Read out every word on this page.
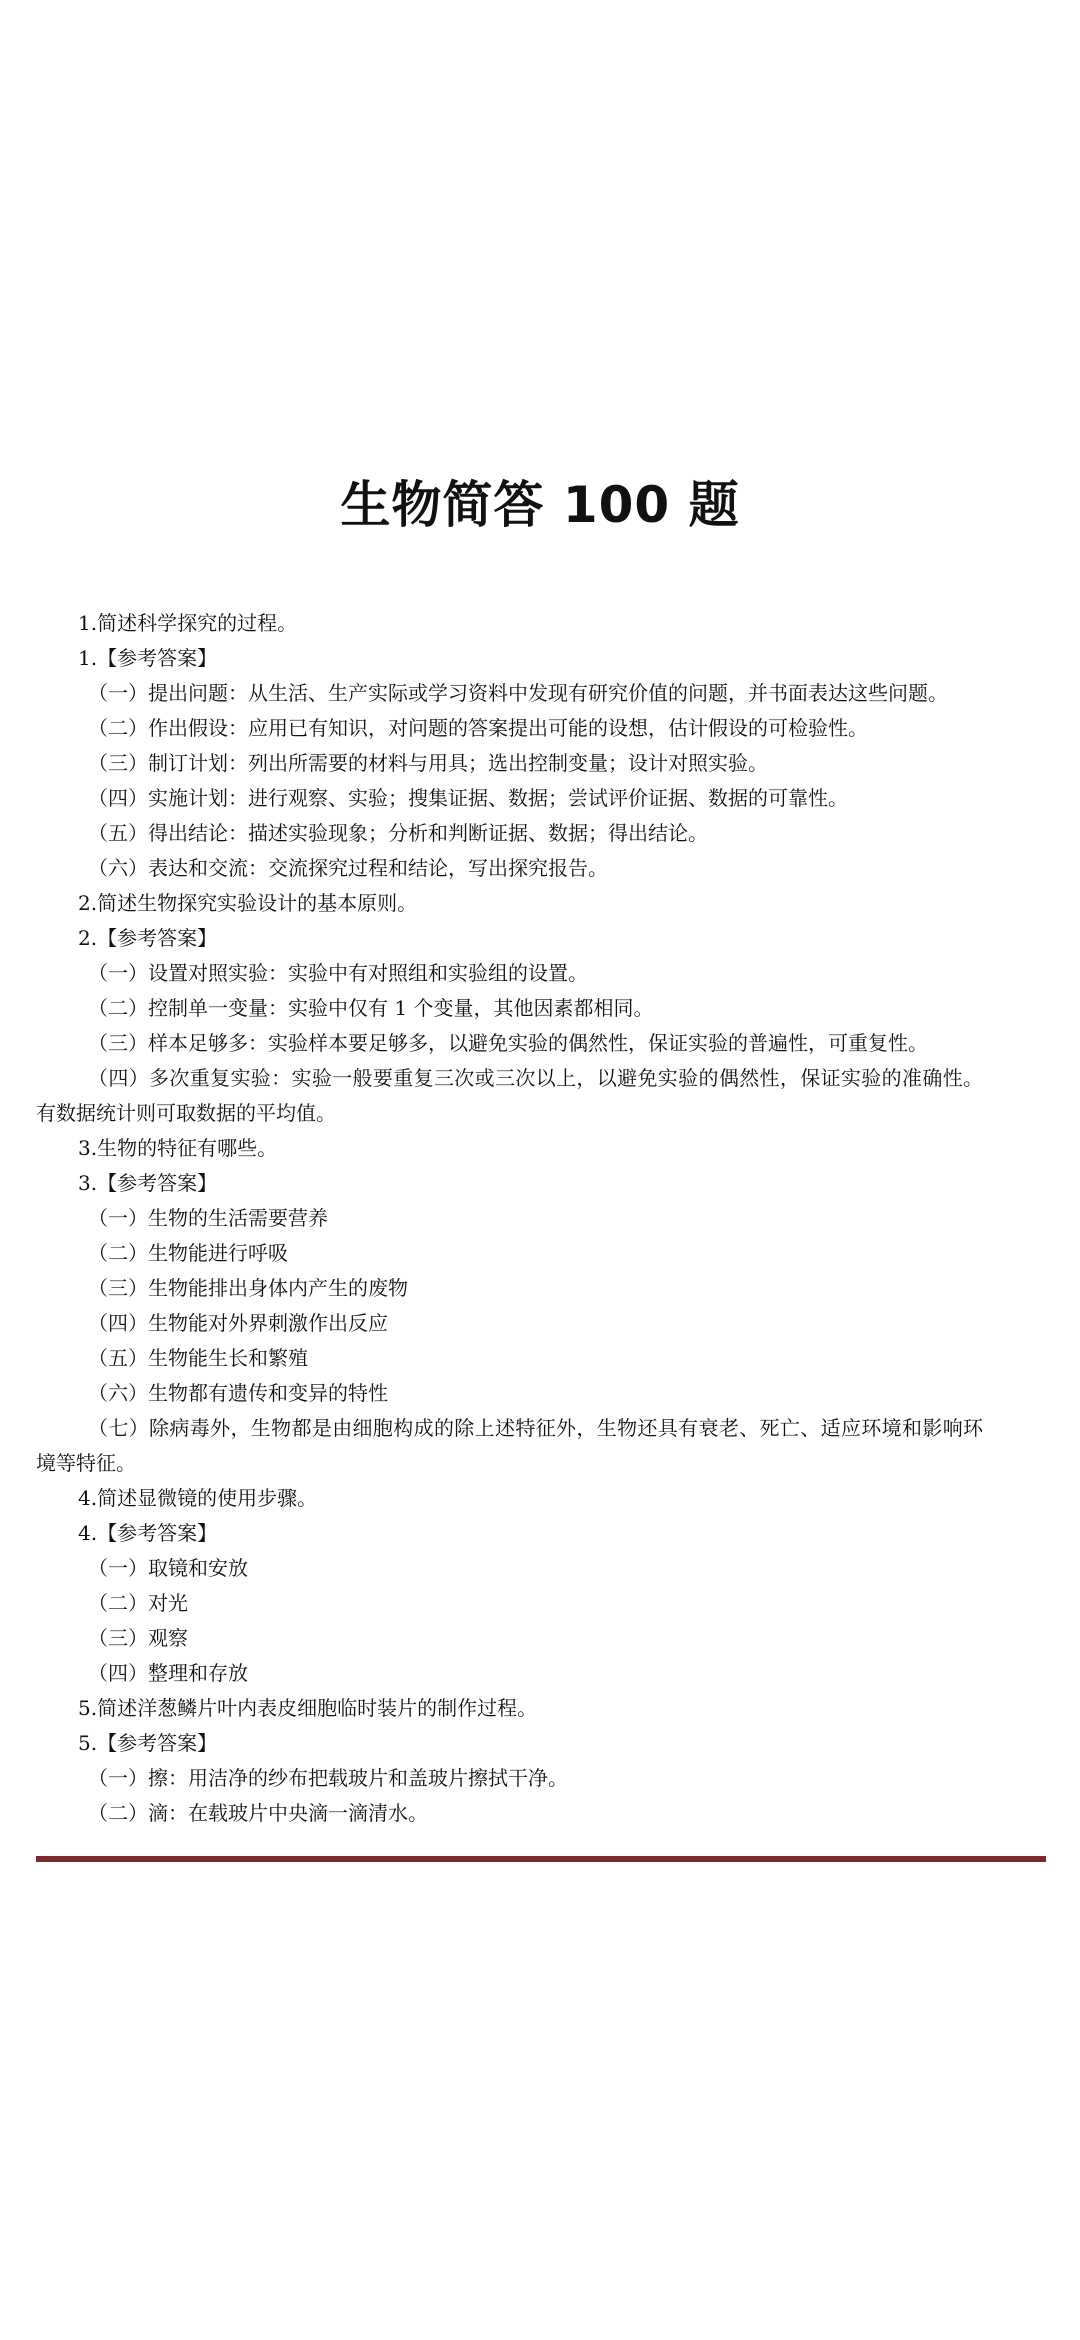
生物简答 100 题
1.简述科学探究的过程。
1.【参考答案】
（一）提出问题：从生活、生产实际或学习资料中发现有研究价值的问题，并书面表达这些问题。
（二）作出假设：应用已有知识，对问题的答案提出可能的设想，估计假设的可检验性。
（三）制订计划：列出所需要的材料与用具；选出控制变量；设计对照实验。
（四）实施计划：进行观察、实验；搜集证据、数据；尝试评价证据、数据的可靠性。
（五）得出结论：描述实验现象；分析和判断证据、数据；得出结论。
（六）表达和交流：交流探究过程和结论，写出探究报告。
2.简述生物探究实验设计的基本原则。
2.【参考答案】
（一）设置对照实验：实验中有对照组和实验组的设置。
（二）控制单一变量：实验中仅有 1 个变量，其他因素都相同。
（三）样本足够多：实验样本要足够多，以避免实验的偶然性，保证实验的普遍性，可重复性。
（四）多次重复实验：实验一般要重复三次或三次以上，以避免实验的偶然性，保证实验的准确性。
有数据统计则可取数据的平均值。
3.生物的特征有哪些。
3.【参考答案】
（一）生物的生活需要营养
（二）生物能进行呼吸
（三）生物能排出身体内产生的废物
（四）生物能对外界刺激作出反应
（五）生物能生长和繁殖
（六）生物都有遗传和变异的特性
（七）除病毒外，生物都是由细胞构成的除上述特征外，生物还具有衰老、死亡、适应环境和影响环
境等特征。
4.简述显微镜的使用步骤。
4.【参考答案】
（一）取镜和安放
（二）对光
（三）观察
（四）整理和存放
5.简述洋葱鳞片叶内表皮细胞临时装片的制作过程。
5.【参考答案】
（一）擦：用洁净的纱布把载玻片和盖玻片擦拭干净。
（二）滴：在载玻片中央滴一滴清水。
